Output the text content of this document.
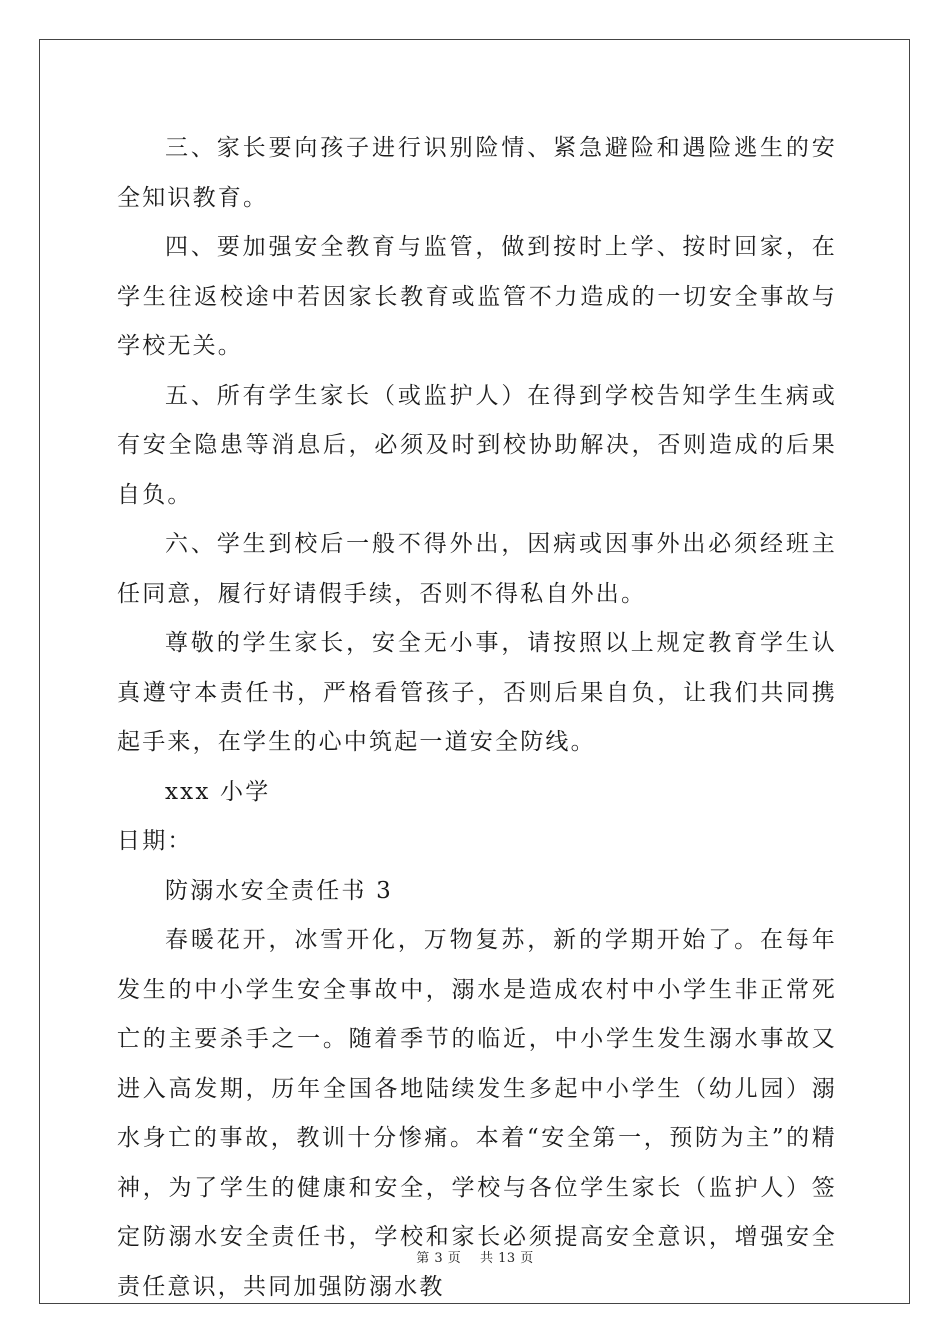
三、家长要向孩子进行识别险情、紧急避险和遇险逃生的安全知识教育。

四、要加强安全教育与监管，做到按时上学、按时回家，在学生往返校途中若因家长教育或监管不力造成的一切安全事故与学校无关。

五、所有学生家长（或监护人）在得到学校告知学生生病或有安全隐患等消息后，必须及时到校协助解决，否则造成的后果自负。

六、学生到校后一般不得外出，因病或因事外出必须经班主任同意，履行好请假手续，否则不得私自外出。

尊敬的学生家长，安全无小事，请按照以上规定教育学生认真遵守本责任书，严格看管孩子，否则后果自负，让我们共同携起手来，在学生的心中筑起一道安全防线。

xxx 小学

日期：

防溺水安全责任书 3

春暖花开，冰雪开化，万物复苏，新的学期开始了。在每年发生的中小学生安全事故中，溺水是造成农村中小学生非正常死亡的主要杀手之一。随着季节的临近，中小学生发生溺水事故又进入高发期，历年全国各地陆续发生多起中小学生（幼儿园）溺水身亡的事故，教训十分惨痛。本着“安全第一，预防为主”的精神，为了学生的健康和安全，学校与各位学生家长（监护人）签定防溺水安全责任书，学校和家长必须提高安全意识，增强安全责任意识，共同加强防溺水教

第 3 页 共 13 页
